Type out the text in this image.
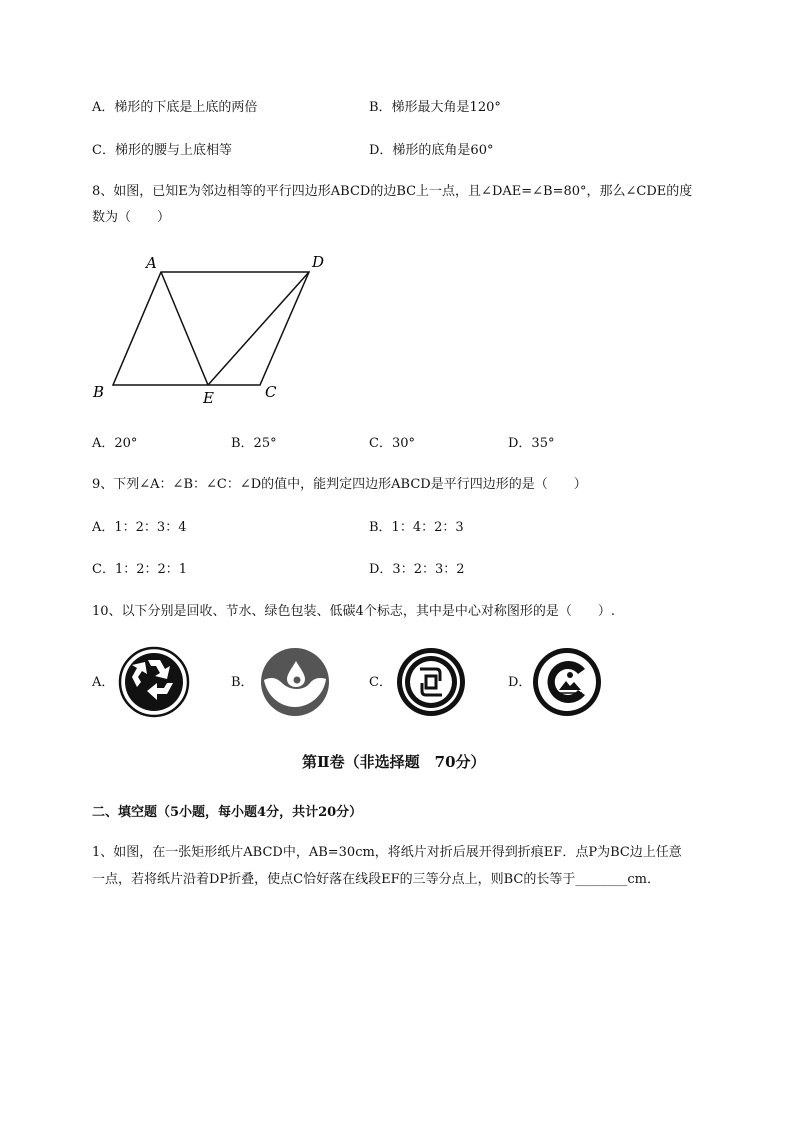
A．梯形的下底是上底的两倍	B．梯形最大角是120°
C．梯形的腰与上底相等	D．梯形的底角是60°
8、如图，已知E为邻边相等的平行四边形ABCD的边BC上一点，且∠DAE=∠B=80°，那么∠CDE的度
数为（　　）
A	D
B	E	C
A．20°	B．25°	C．30°	D．35°
9、下列∠A：∠B：∠C：∠D的值中，能判定四边形ABCD是平行四边形的是（　　）
A．1：2：3：4	B．1：4：2：3
C．1：2：2：1	D．3：2：3：2
10、以下分别是回收、节水、绿色包装、低碳4个标志，其中是中心对称图形的是（　　）.
A．	B．	C．	D．
第Ⅱ卷（非选择题　70分）
二、填空题（5小题，每小题4分，共计20分）
1、如图，在一张矩形纸片ABCD中，AB=30cm，将纸片对折后展开得到折痕EF．点P为BC边上任意
一点，若将纸片沿着DP折叠，使点C恰好落在线段EF的三等分点上，则BC的长等于________cm．
